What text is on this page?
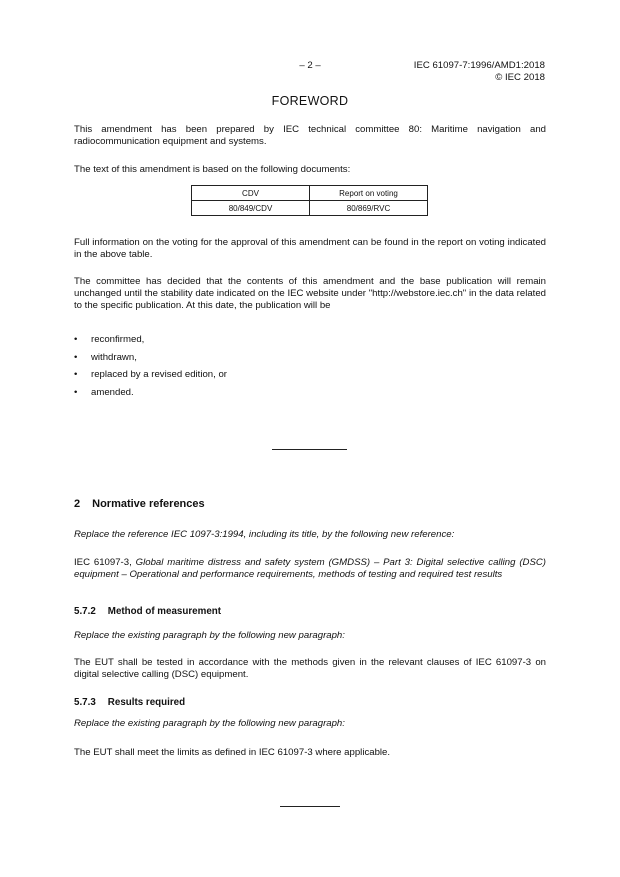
– 2 –	IEC 61097-7:1996/AMD1:2018
© IEC 2018
FOREWORD
This amendment has been prepared by IEC technical committee 80: Maritime navigation and radiocommunication equipment and systems.
The text of this amendment is based on the following documents:
CDV	Report on voting
80/849/CDV	80/869/RVC
Full information on the voting for the approval of this amendment can be found in the report on voting indicated in the above table.
The committee has decided that the contents of this amendment and the base publication will remain unchanged until the stability date indicated on the IEC website under "http://webstore.iec.ch" in the data related to the specific publication. At this date, the publication will be
• reconfirmed,
• withdrawn,
• replaced by a revised edition, or
• amended.
2 Normative references
Replace the reference IEC 1097-3:1994, including its title, by the following new reference:
IEC 61097-3, Global maritime distress and safety system (GMDSS) – Part 3: Digital selective calling (DSC) equipment – Operational and performance requirements, methods of testing and required test results
5.7.2 Method of measurement
Replace the existing paragraph by the following new paragraph:
The EUT shall be tested in accordance with the methods given in the relevant clauses of IEC 61097-3 on digital selective calling (DSC) equipment.
5.7.3 Results required
Replace the existing paragraph by the following new paragraph:
The EUT shall meet the limits as defined in IEC 61097-3 where applicable.
